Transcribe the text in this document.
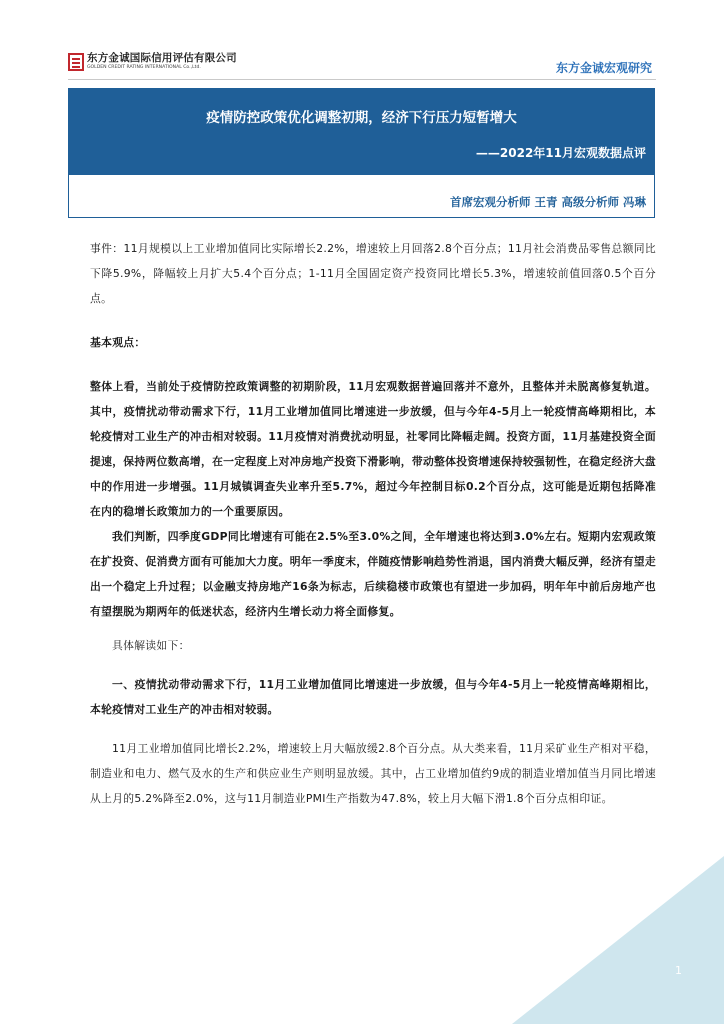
东方金诚国际信用评估有限公司
GOLDEN CREDIT RATING INTERNATIONAL Co.,Ltd.	东方金诚宏观研究
疫情防控政策优化调整初期，经济下行压力短暂增大
——2022年11月宏观数据点评
首席宏观分析师 王青 高级分析师 冯琳

事件：11月规模以上工业增加值同比实际增长2.2%，增速较上月回落2.8个百分点；11月社会消费品零售总额同比下降5.9%，降幅较上月扩大5.4个百分点；1-11月全国固定资产投资同比增长5.3%，增速较前值回落0.5个百分点。

基本观点：

整体上看，当前处于疫情防控政策调整的初期阶段，11月宏观数据普遍回落并不意外，且整体并未脱离修复轨道。其中，疫情扰动带动需求下行，11月工业增加值同比增速进一步放缓，但与今年4-5月上一轮疫情高峰期相比，本轮疫情对工业生产的冲击相对较弱。11月疫情对消费扰动明显，社零同比降幅走阔。投资方面，11月基建投资全面提速，保持两位数高增，在一定程度上对冲房地产投资下滑影响，带动整体投资增速保持较强韧性，在稳定经济大盘中的作用进一步增强。11月城镇调查失业率升至5.7%，超过今年控制目标0.2个百分点，这可能是近期包括降准在内的稳增长政策加力的一个重要原因。

我们判断，四季度GDP同比增速有可能在2.5%至3.0%之间，全年增速也将达到3.0%左右。短期内宏观政策在扩投资、促消费方面有可能加大力度。明年一季度末，伴随疫情影响趋势性消退，国内消费大幅反弹，经济有望走出一个稳定上升过程；以金融支持房地产16条为标志，后续稳楼市政策也有望进一步加码，明年年中前后房地产也有望摆脱为期两年的低迷状态，经济内生增长动力将全面修复。

具体解读如下：

一、疫情扰动带动需求下行，11月工业增加值同比增速进一步放缓，但与今年4-5月上一轮疫情高峰期相比，本轮疫情对工业生产的冲击相对较弱。

11月工业增加值同比增长2.2%，增速较上月大幅放缓2.8个百分点。从大类来看，11月采矿业生产相对平稳，制造业和电力、燃气及水的生产和供应业生产则明显放缓。其中，占工业增加值约9成的制造业增加值当月同比增速从上月的5.2%降至2.0%，这与11月制造业PMI生产指数为47.8%，较上月大幅下滑1.8个百分点相印证。

1
